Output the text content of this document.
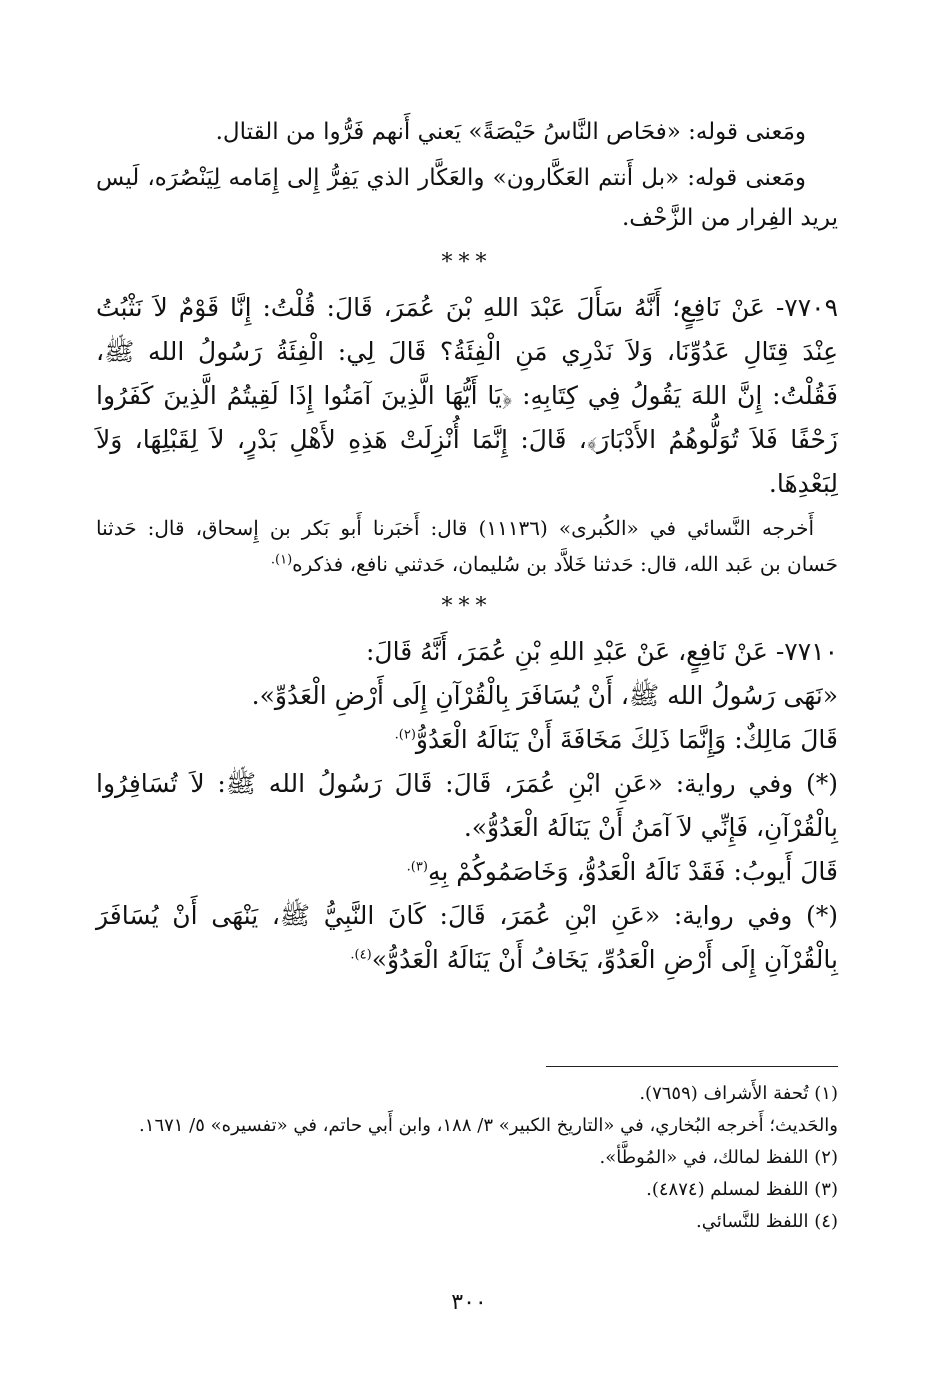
ومَعنى قوله: «فحَاص النَّاسُ حَيْصَةً» يَعني أَنهم فَرُّوا من القتال.

ومَعنى قوله: «بل أَنتم العَكَّارون» والعَكَّار الذي يَفِرُّ إِلى إِمَامه لِيَنْصُرَه، لَيس يريد الفِرار من الزَّحْف.

***

٧٧٠٩- عَنْ نَافِعٍ؛ أَنَّهُ سَأَلَ عَبْدَ اللهِ بْنَ عُمَرَ، قَالَ: قُلْتُ: إِنَّا قَوْمٌ لاَ نَثْبُتُ عِنْدَ قِتَالِ عَدُوِّنَا، وَلاَ نَدْرِي مَنِ الْفِئَةُ؟ قَالَ لِي: الْفِئَةُ رَسُولُ الله ﷺ، فَقُلْتُ: إِنَّ اللهَ يَقُولُ فِي كِتَابِهِ: ﴿يَا أَيُّهَا الَّذِينَ آمَنُوا إِذَا لَقِيتُمُ الَّذِينَ كَفَرُوا زَحْفًا فَلاَ تُوَلُّوهُمُ الأَدْبَارَ﴾، قَالَ: إِنَّمَا أُنْزِلَتْ هَذِهِ لأَهْلِ بَدْرٍ، لاَ لِقَبْلِهَا، وَلاَ لِبَعْدِهَا.

أَخرجه النَّسائي في «الكُبرى» (١١١٣٦) قال: أَخبَرنا أَبو بَكر بن إِسحاق، قال: حَدثنا حَسان بن عَبد الله، قال: حَدثنا خَلاَّد بن سُليمان، حَدثني نافع، فذكره$^{(١).}$

***

٧٧١٠- عَنْ نَافِعٍ، عَنْ عَبْدِ اللهِ بْنِ عُمَرَ، أَنَّهُ قَالَ:

«نَهَى رَسُولُ الله ﷺ، أَنْ يُسَافَرَ بِالْقُرْآنِ إِلَى أَرْضِ الْعَدُوِّ».

قَالَ مَالِكٌ: وَإِنَّمَا ذَلِكَ مَخَافَةَ أَنْ يَنَالَهُ الْعَدُوُّ$^{(٢).}$

(*) وفي رواية: «عَنِ ابْنِ عُمَرَ، قَالَ: قَالَ رَسُولُ الله ﷺ: لاَ تُسَافِرُوا بِالْقُرْآنِ، فَإِنِّي لاَ آمَنُ أَنْ يَنَالَهُ الْعَدُوُّ».

قَالَ أَيوبُ: فَقَدْ نَالَهُ الْعَدُوُّ، وَخَاصَمُوكُمْ بِهِ$^{(٣).}$

(*) وفي رواية: «عَنِ ابْنِ عُمَرَ، قَالَ: كَانَ النَّبِيُّ ﷺ، يَنْهَى أَنْ يُسَافَرَ بِالْقُرْآنِ إِلَى أَرْضِ الْعَدُوِّ، يَخَافُ أَنْ يَنَالَهُ الْعَدُوُّ»$^{(٤).}$

(١) تُحفة الأَشراف (٧٦٥٩).

والحَديث؛ أَخرجه البُخاري، في «التاريخ الكبير» ٣/ ١٨٨، وابن أَبي حاتم، في «تفسيره» ٥/ ١٦٧١.

(٢) اللفظ لمالك، في «المُوطَّأ».

(٣) اللفظ لمسلم (٤٨٧٤).

(٤) اللفظ للنَّسائي.

٣٠٠
